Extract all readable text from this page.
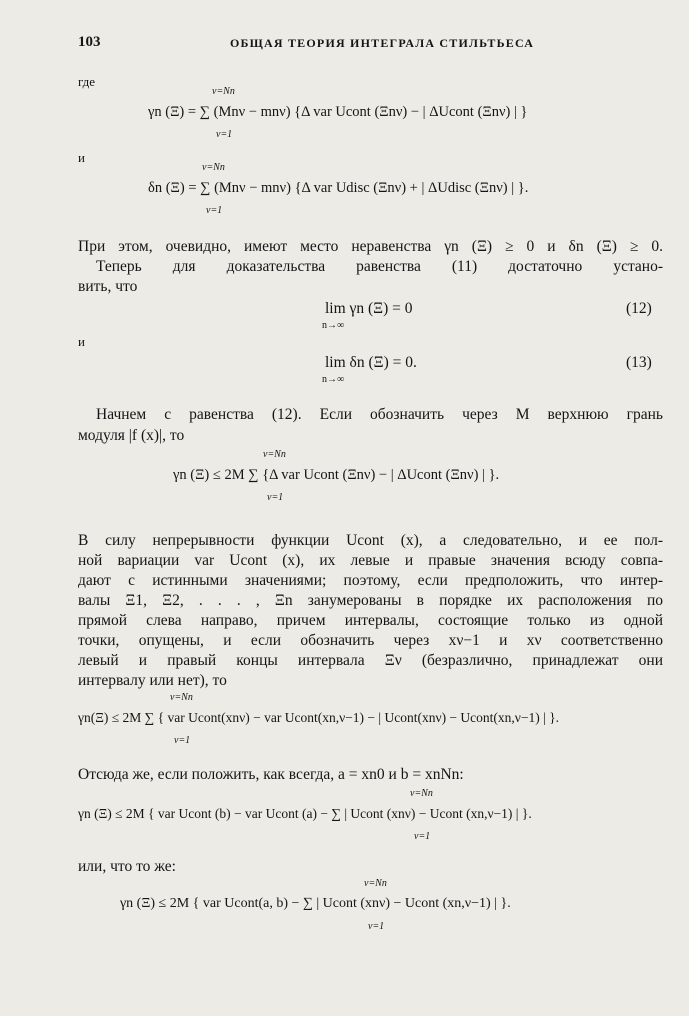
103	ОБЩАЯ ТЕОРИЯ ИНТЕГРАЛА СТИЛЬТЬЕСА
где
ν=Nn
γn (Ξ) = ∑ (Mnν − mnν) {Δ var Ucont (Ξnν) − | ΔUcont (Ξnν) | }
ν=1
и
ν=Nn
δn (Ξ) = ∑ (Mnν − mnν) {Δ var Udisc (Ξnν) + | ΔUdisc (Ξnν) | }.
ν=1
При этом, очевидно, имеют место неравенства γn (Ξ) ≥ 0 и δn (Ξ) ≥ 0.
Теперь для доказательства равенства (11) достаточно устано-
вить, что
lim γn (Ξ) = 0
n→∞
(12)
и
lim δn (Ξ) = 0.
n→∞
(13)
Начнем с равенства (12). Если обозначить через M верхнюю грань
модуля |f (x)|, то
ν=Nn
γn (Ξ) ≤ 2M ∑ {Δ var Ucont (Ξnν) − | ΔUcont (Ξnν) | }.
ν=1
В силу непрерывности функции Ucont (x), а следовательно, и ее пол-
ной вариации var Ucont (x), их левые и правые значения всюду совпа-
дают с истинными значениями; поэтому, если предположить, что интер-
валы Ξ1, Ξ2, . . . , Ξn занумерованы в порядке их расположения по
прямой слева направо, причем интервалы, состоящие только из одной
точки, опущены, и если обозначить через xν−1 и xν соответственно
левый и правый концы интервала Ξν (безразлично, принадлежат они
интервалу или нет), то
ν=Nn
γn(Ξ) ≤ 2M ∑ { var Ucont(xnν) − var Ucont(xn,ν−1) − | Ucont(xnν) − Ucont(xn,ν−1) | }.
ν=1
Отсюда же, если положить, как всегда, a = xn0 и b = xnNn:
ν=Nn
γn (Ξ) ≤ 2M { var Ucont (b) − var Ucont (a) − ∑ | Ucont (xnν) − Ucont (xn,ν−1) | }.
ν=1
или, что то же:
ν=Nn
γn (Ξ) ≤ 2M { var Ucont(a, b) − ∑ | Ucont (xnν) − Ucont (xn,ν−1) | }.
ν=1
